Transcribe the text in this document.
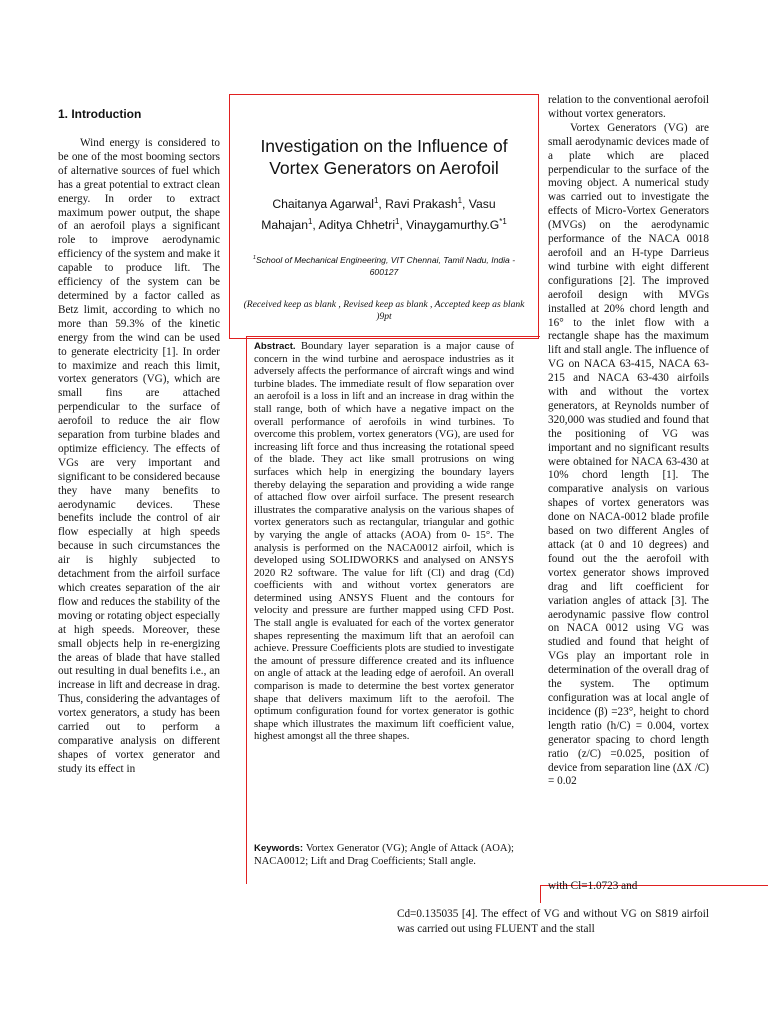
1. Introduction

Wind energy is considered to be one of the most booming sectors of alternative sources of fuel which has a great potential to extract clean energy. In order to extract maximum power output, the shape of an aerofoil plays a significant role to improve aerodynamic efficiency of the system and make it capable to produce lift. The efficiency of the system can be determined by a factor called as Betz limit, according to which no more than 59.3% of the kinetic energy from the wind can be used to generate electricity [1]. In order to maximize and reach this limit, vortex generators (VG), which are small fins are attached perpendicular to the surface of aerofoil to reduce the air flow separation from turbine blades and optimize efficiency. The effects of VGs are very important and significant to be considered because they have many benefits to aerodynamic devices. These benefits include the control of air flow especially at high speeds because in such circumstances the air is highly subjected to detachment from the airfoil surface which creates separation of the air flow and reduces the stability of the moving or rotating object especially at high speeds. Moreover, these small objects help in re-energizing the areas of blade that have stalled out resulting in dual benefits i.e., an increase in lift and decrease in drag. Thus, considering the advantages of vortex generators, a study has been carried out to perform a comparative analysis on different shapes of vortex generator and study its effect in

Investigation on the Influence of
Vortex Generators on Aerofoil
Chaitanya Agarwal$^1$, Ravi Prakash$^1$, Vasu
Mahajan$^1$, Aditya Chhetri$^1$, $Vinaygamurthy.G^{*1}$
$^1$School of Mechanical Engineering, VIT Chennai, Tamil Nadu, India - 600127
(Received keep as blank , Revised keep as blank , Accepted keep as blank )9pt
Abstract. Boundary layer separation is a major cause of concern in the wind turbine and aerospace industries as it adversely affects the performance of aircraft wings and wind turbine blades. The immediate result of flow separation over an aerofoil is a loss in lift and an increase in drag within the stall range, both of which have a negative impact on the overall performance of aerofoils in wind turbines. To overcome this problem, vortex generators (VG), are used for increasing lift force and thus increasing the rotational speed of the blade. They act like small protrusions on wing surfaces which help in energizing the boundary layers thereby delaying the separation and providing a wide range of attached flow over airfoil surface. The present research illustrates the comparative analysis on the various shapes of vortex generators such as rectangular, triangular and gothic by varying the angle of attacks (AOA) from 0- 15°. The analysis is performed on the NACA0012 airfoil, which is developed using SOLIDWORKS and analysed on ANSYS 2020 R2 software. The value for lift (Cl) and drag (Cd) coefficients with and without vortex generators are determined using ANSYS Fluent and the contours for velocity and pressure are further mapped using CFD Post. The stall angle is evaluated for each of the vortex generator shapes representing the maximum lift that an aerofoil can achieve. Pressure Coefficients plots are studied to investigate the amount of pressure difference created and its influence on angle of attack at the leading edge of aerofoil. An overall comparison is made to determine the best vortex generator shape that delivers maximum lift to the aerofoil. The optimum configuration found for vortex generator is gothic shape which illustrates the maximum lift coefficient value, highest amongst all the three shapes.
Keywords: Vortex Generator (VG); Angle of Attack (AOA); NACA0012; Lift and Drag Coefficients; Stall angle.

relation to the conventional aerofoil without vortex generators.

Vortex Generators (VG) are small aerodynamic devices made of a plate which are placed perpendicular to the surface of the moving object. A numerical study was carried out to investigate the effects of Micro-Vortex Generators (MVGs) on the aerodynamic performance of the NACA 0018 aerofoil and an H-type Darrieus wind turbine with eight different configurations [2]. The improved aerofoil design with MVGs installed at 20% chord length and 16° to the inlet flow with a rectangle shape has the maximum lift and stall angle. The influence of VG on NACA 63-415, NACA 63-215 and NACA 63-430 airfoils with and without the vortex generators, at Reynolds number of 320,000 was studied and found that the positioning of VG was important and no significant results were obtained for NACA 63-430 at 10% chord length [1]. The comparative analysis on various shapes of vortex generators was done on NACA-0012 blade profile based on two different Angles of attack (at 0 and 10 degrees) and found out the the aerofoil with vortex generator shows improved drag and lift coefficient for variation angles of attack [3]. The aerodynamic passive flow control on NACA 0012 using VG was studied and found that height of VGs play an important role in determination of the overall drag of the system. The optimum configuration was at local angle of incidence (β) =23°, height to chord length ratio (h/C) = 0.004, vortex generator spacing to chord length ratio (z/C) =0.025, position of device from separation line (ΔX /C) = 0.02

with Cl=1.0723 and
Cd=0.135035 [4]. The effect of VG and without VG on S819 airfoil was carried out using FLUENT and the stall
